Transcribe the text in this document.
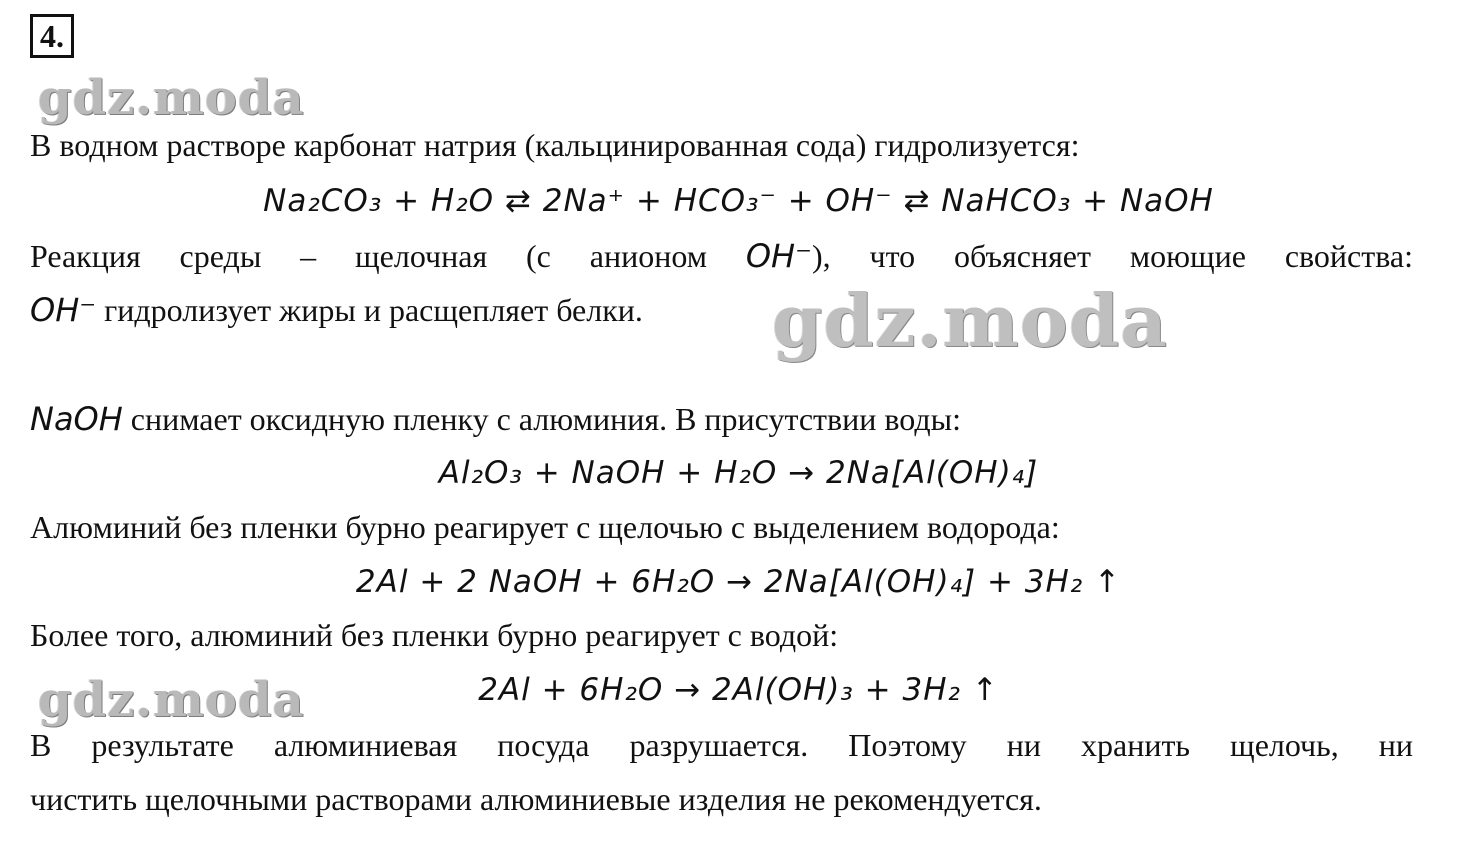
4.
gdz.moda
В водном растворе карбонат натрия (кальцинированная сода) гидролизуется:
Na₂CO₃ + H₂O ⇄ 2Na⁺ + HCO₃⁻ + OH⁻ ⇄ NaHCO₃ + NaOH
Реакция среды – щелочная (с анионом OH⁻), что объясняет моющие свойства:
OH⁻ гидролизует жиры и расщепляет белки. gdz.moda
NaOH снимает оксидную пленку с алюминия. В присутствии воды:
Al₂O₃ + NaOH + H₂O → 2Na[Al(OH)₄]
Алюминий без пленки бурно реагирует с щелочью с выделением водорода:
2Al + 2 NaOH + 6H₂O → 2Na[Al(OH)₄] + 3H₂ ↑
Более того, алюминий без пленки бурно реагирует с водой:
gdz.moda	2Al + 6H₂O → 2Al(OH)₃ + 3H₂ ↑
В результате алюминиевая посуда разрушается. Поэтому ни хранить щелочь, ни
чистить щелочными растворами алюминиевые изделия не рекомендуется.
